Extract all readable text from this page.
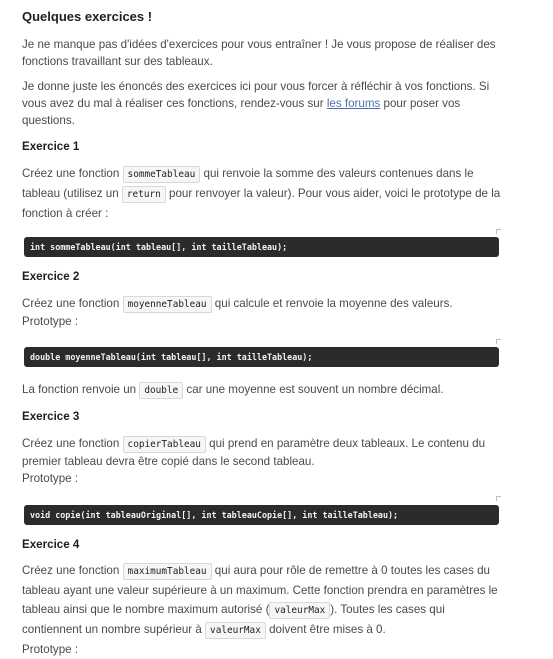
Quelques exercices !

Je ne manque pas d'idées d'exercices pour vous entraîner ! Je vous propose de réaliser des fonctions travaillant sur des tableaux.

Je donne juste les énoncés des exercices ici pour vous forcer à réfléchir à vos fonctions. Si vous avez du mal à réaliser ces fonctions, rendez-vous sur les forums pour poser vos questions.

Exercice 1

Créez une fonction sommeTableau qui renvoie la somme des valeurs contenues dans le tableau (utilisez un return pour renvoyer la valeur). Pour vous aider, voici le prototype de la fonction à créer :

int sommeTableau(int tableau[], int tailleTableau);
Exercice 2

Créez une fonction moyenneTableau qui calcule et renvoie la moyenne des valeurs.
Prototype :

double moyenneTableau(int tableau[], int tailleTableau);

La fonction renvoie un double car une moyenne est souvent un nombre décimal.

Exercice 3

Créez une fonction copierTableau qui prend en paramètre deux tableaux. Le contenu du premier tableau devra être copié dans le second tableau.
Prototype :

void copie(int tableauOriginal[], int tableauCopie[], int tailleTableau);
Exercice 4

Créez une fonction maximumTableau qui aura pour rôle de remettre à 0 toutes les cases du tableau ayant une valeur supérieure à un maximum. Cette fonction prendra en paramètres le tableau ainsi que le nombre maximum autorisé ( valeurMax ). Toutes les cases qui contiennent un nombre supérieur à valeurMax doivent être mises à 0.
Prototype :
